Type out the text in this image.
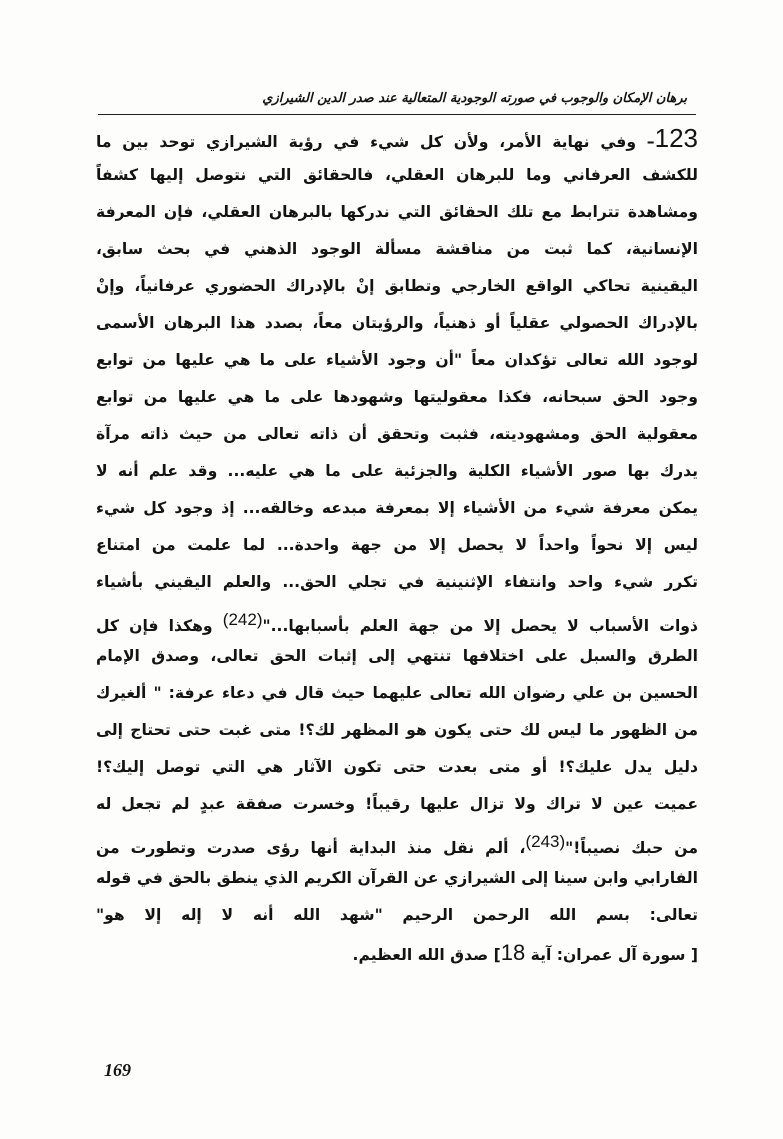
برهان الإمكان والوجوب في صورته الوجودية المتعالية عند صدر الدين الشيرازي
123– وفي نهاية الأمر، ولأن كل شيء في رؤية الشيرازي توحد بين ما
للكشف العرفاني وما للبرهان العقلي، فالحقائق التي نتوصل إليها كشفاً
ومشاهدة تترابط مع تلك الحقائق التي ندركها بالبرهان العقلي، فإن المعرفة
الإنسانية، كما ثبت من مناقشة مسألة الوجود الذهني في بحث سابق،
اليقينية تحاكي الواقع الخارجي وتطابق إنْ بالإدراك الحضوري عرفانياً، وإنْ
بالإدراك الحصولي عقلياً أو ذهنياً، والرؤيتان معاً، بصدد هذا البرهان الأسمى
لوجود الله تعالى تؤكدان معاً "أن وجود الأشياء على ما هي عليها من توابع
وجود الحق سبحانه، فكذا معقوليتها وشهودها على ما هي عليها من توابع
معقولية الحق ومشهوديته، فثبت وتحقق أن ذاته تعالى من حيث ذاته مرآة
يدرك بها صور الأشياء الكلية والجزئية على ما هي عليه... وقد علم أنه لا
يمكن معرفة شيء من الأشياء إلا بمعرفة مبدعه وخالقه... إذ وجود كل شيء
ليس إلا نحواً واحداً لا يحصل إلا من جهة واحدة... لما علمت من امتناع
تكرر شيء واحد وانتفاء الإثنينية في تجلي الحق... والعلم اليقيني بأشياء
ذوات الأسباب لا يحصل إلا من جهة العلم بأسبابها..."(242) وهكذا فإن كل
الطرق والسبل على اختلافها تنتهي إلى إثبات الحق تعالى، وصدق الإمام
الحسين بن علي رضوان الله تعالى عليهما حيث قال في دعاء عرفة: " ألغيرك
من الظهور ما ليس لك حتى يكون هو المظهر لك؟! متى غبت حتى تحتاج إلى
دليل يدل عليك؟! أو متى بعدت حتى تكون الآثار هي التي توصل إليك؟!
عميت عين لا تراك ولا تزال عليها رقيباً! وخسرت صفقة عبدٍ لم تجعل له
من حبك نصيباً!"(243)، ألم نقل منذ البداية أنها رؤى صدرت وتطورت من
الفارابي وابن سينا إلى الشيرازي عن القرآن الكريم الذي ينطق بالحق في قوله
تعالى: بسم الله الرحمن الرحيم "شهد الله أنه لا إله إلا هو"
[ سورة آل عمران: آية 18] صدق الله العظيم.
169
